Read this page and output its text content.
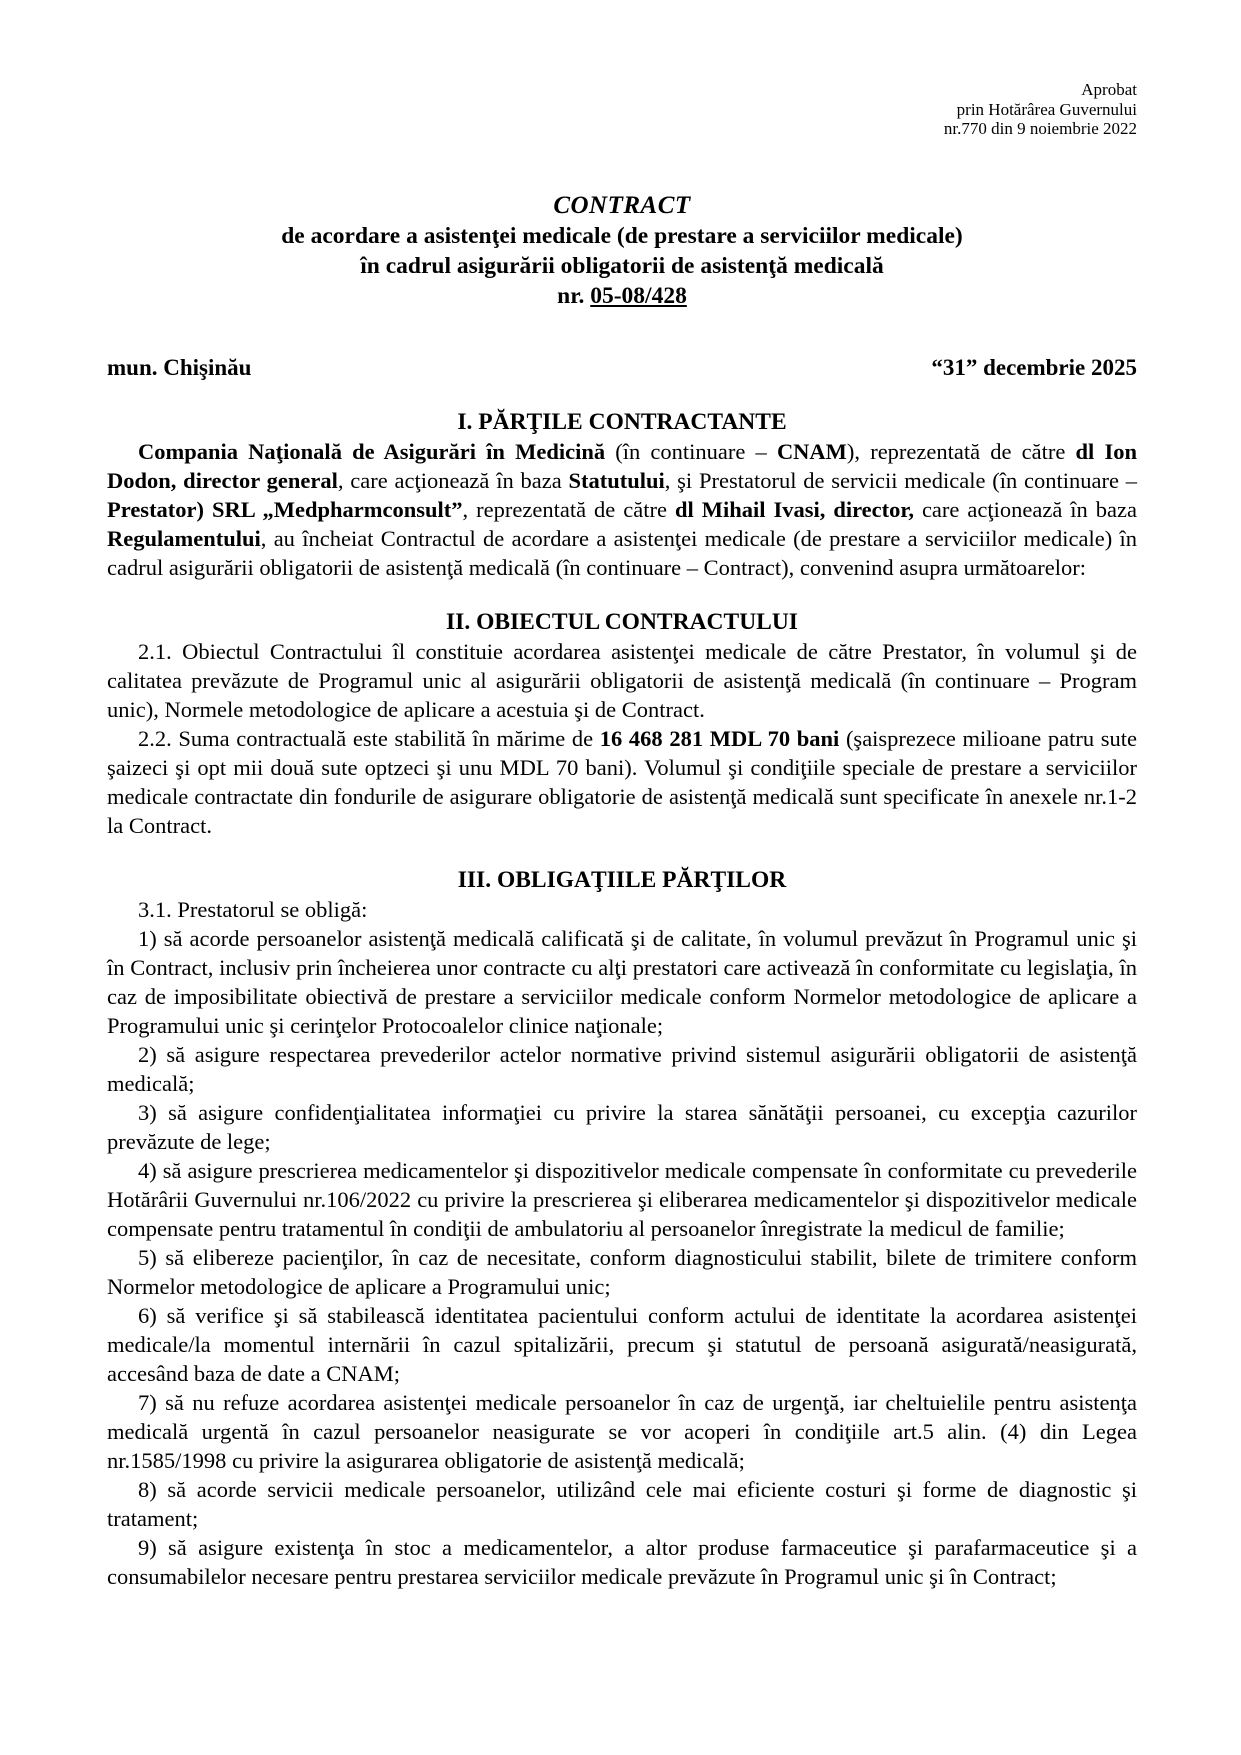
Aprobat
prin Hotărârea Guvernului
nr.770 din 9 noiembrie 2022
CONTRACT
de acordare a asistenţei medicale (de prestare a serviciilor medicale)
în cadrul asigurării obligatorii de asistenţă medicală
nr. 05-08/428
mun. Chişinău	“31” decembrie 2025
I. PĂRŢILE CONTRACTANTE

Compania Naţională de Asigurări în Medicină (în continuare – CNAM), reprezentată de către dl Ion Dodon, director general, care acţionează în baza Statutului, şi Prestatorul de servicii medicale (în continuare – Prestator) SRL „Medpharmconsult”, reprezentată de către dl Mihail Ivasi, director, care acţionează în baza Regulamentului, au încheiat Contractul de acordare a asistenţei medicale (de prestare a serviciilor medicale) în cadrul asigurării obligatorii de asistenţă medicală (în continuare – Contract), convenind asupra următoarelor:

II. OBIECTUL CONTRACTULUI

2.1. Obiectul Contractului îl constituie acordarea asistenţei medicale de către Prestator, în volumul şi de calitatea prevăzute de Programul unic al asigurării obligatorii de asistenţă medicală (în continuare – Program unic), Normele metodologice de aplicare a acestuia şi de Contract.

2.2. Suma contractuală este stabilită în mărime de 16 468 281 MDL 70 bani (şaisprezece milioane patru sute şaizeci şi opt mii două sute optzeci şi unu MDL 70 bani). Volumul şi condiţiile speciale de prestare a serviciilor medicale contractate din fondurile de asigurare obligatorie de asistenţă medicală sunt specificate în anexele nr.1-2 la Contract.

III. OBLIGAŢIILE PĂRŢILOR

3.1. Prestatorul se obligă:

1) să acorde persoanelor asistenţă medicală calificată şi de calitate, în volumul prevăzut în Programul unic şi în Contract, inclusiv prin încheierea unor contracte cu alţi prestatori care activează în conformitate cu legislaţia, în caz de imposibilitate obiectivă de prestare a serviciilor medicale conform Normelor metodologice de aplicare a Programului unic şi cerinţelor Protocoalelor clinice naţionale;

2) să asigure respectarea prevederilor actelor normative privind sistemul asigurării obligatorii de asistenţă medicală;

3) să asigure confidenţialitatea informaţiei cu privire la starea sănătăţii persoanei, cu excepţia cazurilor prevăzute de lege;

4) să asigure prescrierea medicamentelor şi dispozitivelor medicale compensate în conformitate cu prevederile Hotărârii Guvernului nr.106/2022 cu privire la prescrierea şi eliberarea medicamentelor şi dispozitivelor medicale compensate pentru tratamentul în condiţii de ambulatoriu al persoanelor înregistrate la medicul de familie;

5) să elibereze pacienţilor, în caz de necesitate, conform diagnosticului stabilit, bilete de trimitere conform Normelor metodologice de aplicare a Programului unic;

6) să verifice şi să stabilească identitatea pacientului conform actului de identitate la acordarea asistenţei medicale/la momentul internării în cazul spitalizării, precum şi statutul de persoană asigurată/neasigurată, accesând baza de date a CNAM;

7) să nu refuze acordarea asistenţei medicale persoanelor în caz de urgenţă, iar cheltuielile pentru asistenţa medicală urgentă în cazul persoanelor neasigurate se vor acoperi în condiţiile art.5 alin. (4) din Legea nr.1585/1998 cu privire la asigurarea obligatorie de asistenţă medicală;

8) să acorde servicii medicale persoanelor, utilizând cele mai eficiente costuri şi forme de diagnostic şi tratament;

9) să asigure existenţa în stoc a medicamentelor, a altor produse farmaceutice şi parafarmaceutice şi a consumabilelor necesare pentru prestarea serviciilor medicale prevăzute în Programul unic şi în Contract;
